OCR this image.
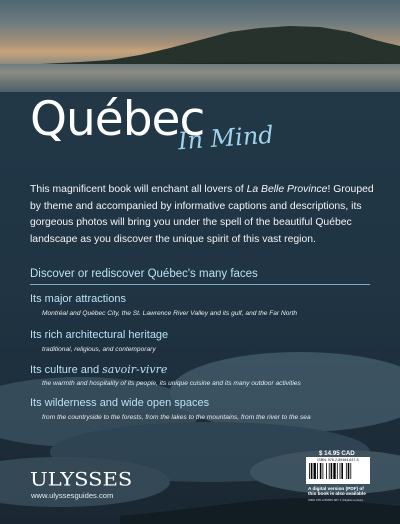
Québec
In Mind
This magnificent book will enchant all lovers of La Belle Province! Grouped by theme and accompanied by informative captions and descriptions, its gorgeous photos will bring you under the spell of the beautiful Québec landscape as you discover the unique spirit of this vast region.
Discover or rediscover Québec's many faces
Its major attractions
Montréal and Québec City, the St. Lawrence River Valley and its gulf, and the Far North
Its rich architectural heritage
traditional, religious, and contemporary
Its culture and savoir-vivre
the warmth and hospitality of its people, its unique cuisine and its many outdoor activities
Its wilderness and wide open spaces
from the countryside to the forests, from the lakes to the mountains, from the river to the sea
ULYSSES
www.ulyssesguides.com
$ 14.95 CAD
ISBN: 978-2-89464-637-5
A digital version (PDF) of this book is also available
ISBN 978-2-89665-967-1 (Digital version)
